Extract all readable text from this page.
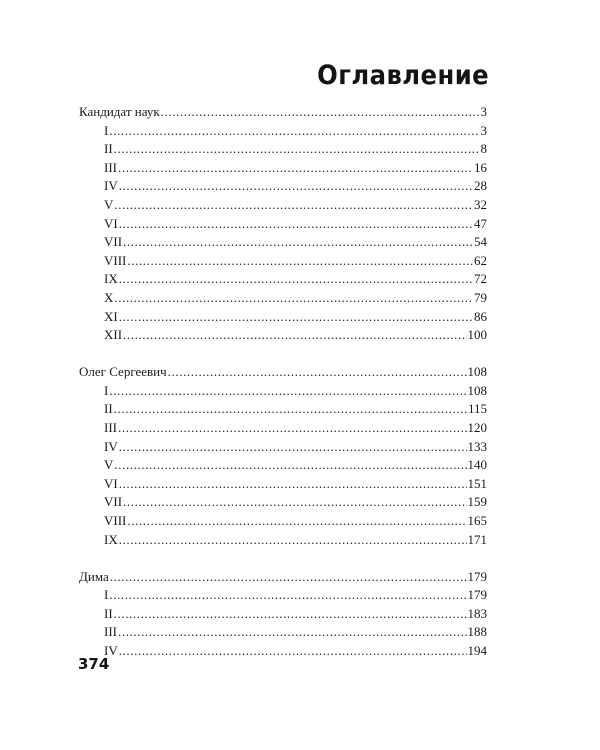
Оглавление
Кандидат наук .....	3
I .....	3
II .....	8
III .....	16
IV .....	28
V .....	32
VI .....	47
VII .....	54
VIII .....	62
IX .....	72
X .....	79
XI .....	86
XII .....	100
Олег Сергеевич .....	108
I .....	108
II .....	115
III .....	120
IV .....	133
V .....	140
VI .....	151
VII .....	159
VIII .....	165
IX .....	171
Дима .....	179
I .....	179
II .....	183
III .....	188
IV .....	194
374
